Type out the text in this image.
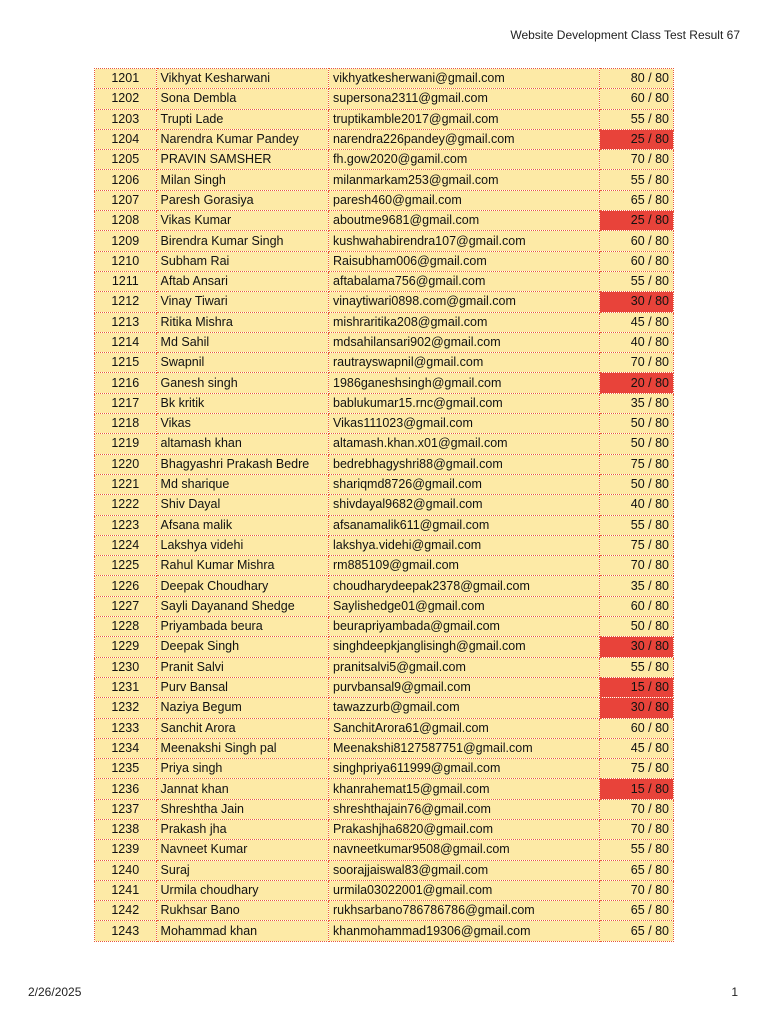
Website Development Class Test Result 67
1201	Vikhyat Kesharwani	vikhyatkesherwani@gmail.com	80 / 80
1202	Sona Dembla	supersona2311@gmail.com	60 / 80
1203	Trupti Lade	truptikamble2017@gmail.com	55 / 80
1204	Narendra Kumar Pandey	narendra226pandey@gmail.com	25 / 80
1205	PRAVIN SAMSHER	fh.gow2020@gamil.com	70 / 80
1206	Milan Singh	milanmarkam253@gmail.com	55 / 80
1207	Paresh Gorasiya	paresh460@gmail.com	65 / 80
1208	Vikas Kumar	aboutme9681@gmail.com	25 / 80
1209	Birendra Kumar Singh	kushwahabirendra107@gmail.com	60 / 80
1210	Subham Rai	Raisubham006@gmail.com	60 / 80
1211	Aftab Ansari	aftabalama756@gmail.com	55 / 80
1212	Vinay Tiwari	vinaytiwari0898.com@gmail.com	30 / 80
1213	Ritika Mishra	mishraritika208@gmail.com	45 / 80
1214	Md Sahil	mdsahilansari902@gmail.com	40 / 80
1215	Swapnil	rautrayswapnil@gmail.com	70 / 80
1216	Ganesh singh	1986ganeshsingh@gmail.com	20 / 80
1217	Bk kritik	bablukumar15.rnc@gmail.com	35 / 80
1218	Vikas	Vikas111023@gmail.com	50 / 80
1219	altamash khan	altamash.khan.x01@gmail.com	50 / 80
1220	Bhagyashri Prakash Bedre	bedrebhagyshri88@gmail.com	75 / 80
1221	Md sharique	shariqmd8726@gmail.com	50 / 80
1222	Shiv Dayal	shivdayal9682@gmail.com	40 / 80
1223	Afsana malik	afsanamalik611@gmail.com	55 / 80
1224	Lakshya videhi	lakshya.videhi@gmail.com	75 / 80
1225	Rahul Kumar Mishra	rm885109@gmail.com	70 / 80
1226	Deepak Choudhary	choudharydeepak2378@gmail.com	35 / 80
1227	Sayli Dayanand Shedge	Saylishedge01@gmail.com	60 / 80
1228	Priyambada beura	beurapriyambada@gmail.com	50 / 80
1229	Deepak Singh	singhdeepkjanglisingh@gmail.com	30 / 80
1230	Pranit Salvi	pranitsalvi5@gmail.com	55 / 80
1231	Purv Bansal	purvbansal9@gmail.com	15 / 80
1232	Naziya Begum	tawazzurb@gmail.com	30 / 80
1233	Sanchit Arora	SanchitArora61@gmail.com	60 / 80
1234	Meenakshi Singh pal	Meenakshi8127587751@gmail.com	45 / 80
1235	Priya singh	singhpriya611999@gmail.com	75 / 80
1236	Jannat khan	khanrahemat15@gmail.com	15 / 80
1237	Shreshtha Jain	shreshthajain76@gmail.com	70 / 80
1238	Prakash jha	Prakashjha6820@gmail.com	70 / 80
1239	Navneet Kumar	navneetkumar9508@gmail.com	55 / 80
1240	Suraj	soorajjaiswal83@gmail.com	65 / 80
1241	Urmila choudhary	urmila03022001@gmail.com	70 / 80
1242	Rukhsar Bano	rukhsarbano786786786@gmail.com	65 / 80
1243	Mohammad khan	khanmohammad19306@gmail.com	65 / 80
2/26/2025	1
